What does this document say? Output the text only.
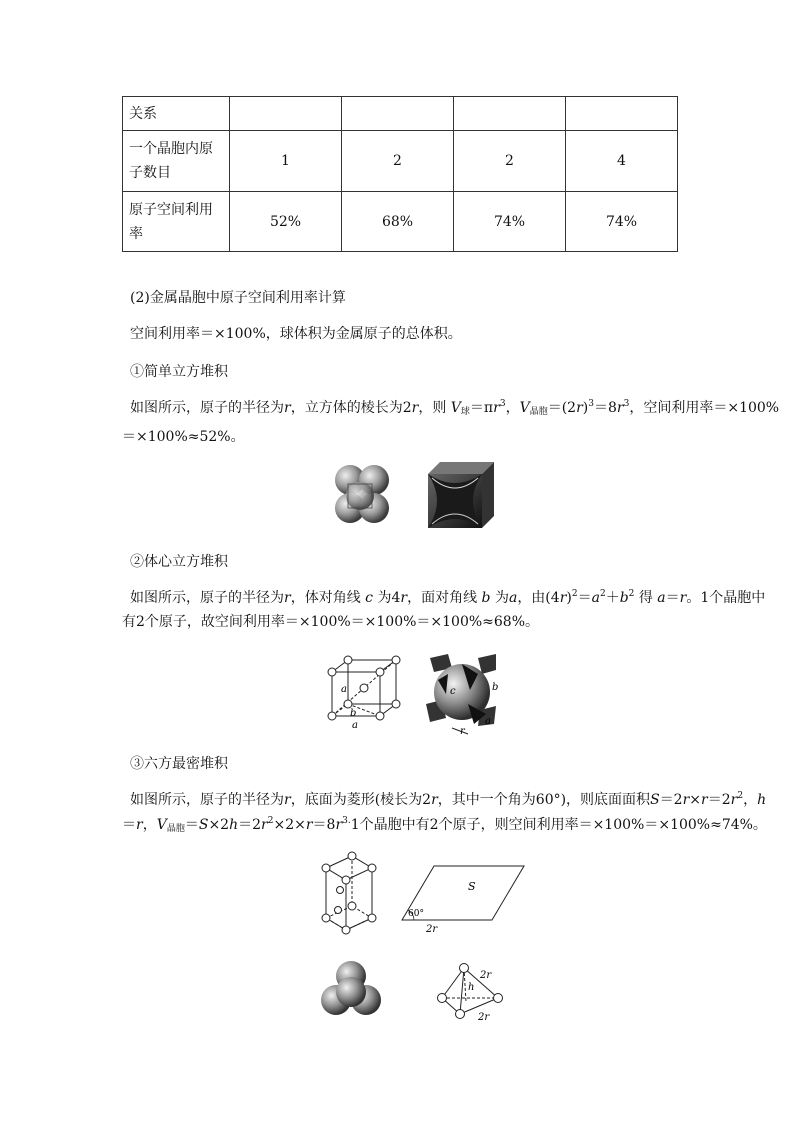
关系				
一个晶胞内原子数目	1	2	2	4
原子空间利用率	52%	68%	74%	74%
(2)金属晶胞中原子空间利用率计算
空间利用率＝×100%，球体积为金属原子的总体积。
①简单立方堆积
如图所示，原子的半径为r，立方体的棱长为2r，则 $V_球=\pi r^3$，$V_{晶胞}=(2r)^3=8r^3$，空间利用率＝×100%
＝×100%≈52%。
②体心立方堆积
如图所示，原子的半径为r，体对角线 c 为4r，面对角线 b 为a，由$(4r)^2=a^2+b^2$ 得 a＝r。1个晶胞中
有2个原子，故空间利用率＝×100%＝×100%＝×100%≈68%。
a
a
b
c	b
a
r
③六方最密堆积
如图所示，原子的半径为r，底面为菱形(棱长为2r，其中一个角为60°)，则底面面积$S=2r\times r=2r^2$，h
＝r，$V_{晶胞}=S\times 2h=2r^2\times 2\times r=8r^{3.}1$个晶胞中有2个原子，则空间利用率＝×100%＝×100%≈74%。
S
60°
2r
2r
h
2r
